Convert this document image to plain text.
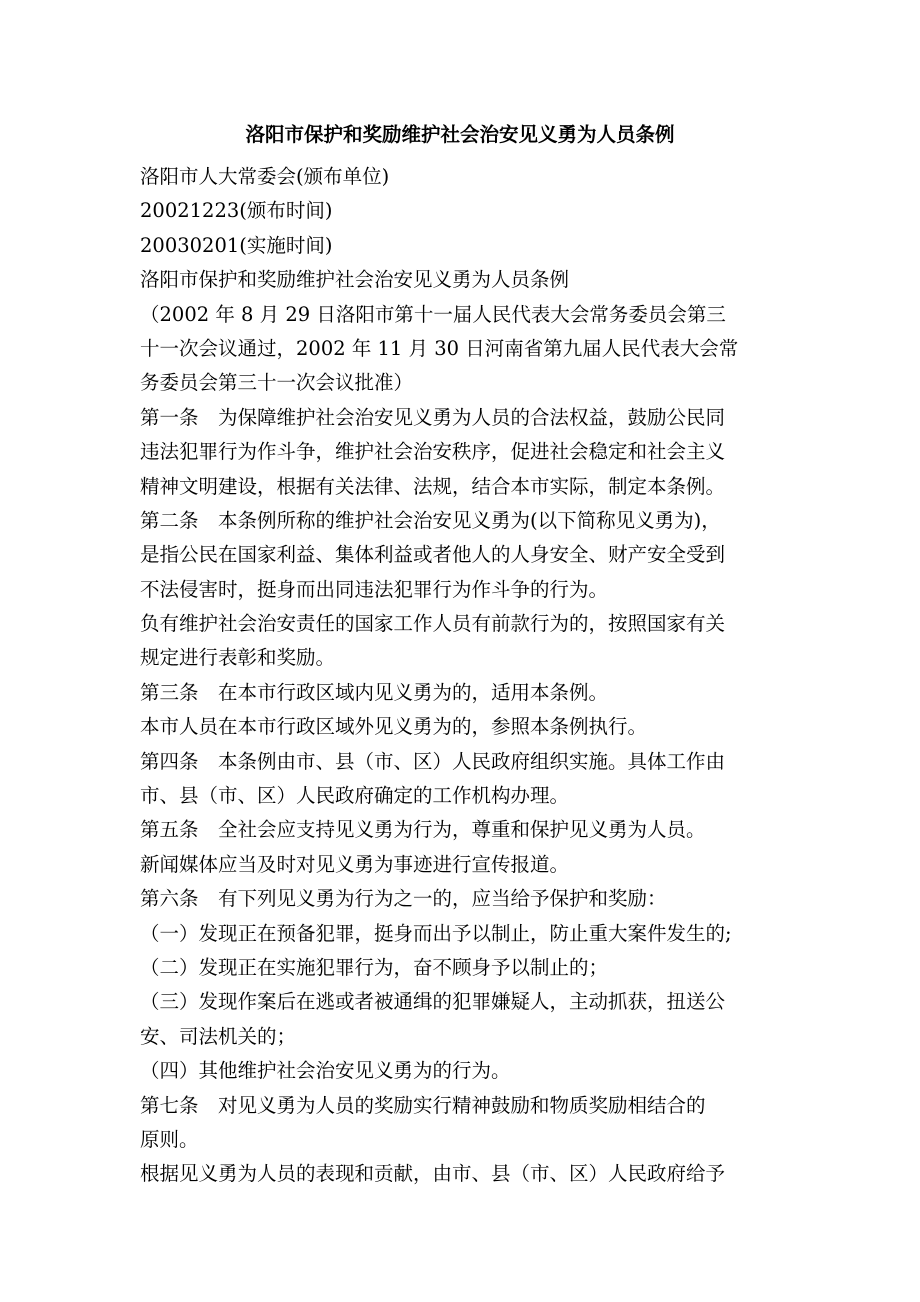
洛阳市保护和奖励维护社会治安见义勇为人员条例
洛阳市人大常委会(颁布单位)
20021223(颁布时间)
20030201(实施时间)
洛阳市保护和奖励维护社会治安见义勇为人员条例
（2002 年 8 月 29 日洛阳市第十一届人民代表大会常务委员会第三
十一次会议通过，2002 年 11 月 30 日河南省第九届人民代表大会常
务委员会第三十一次会议批准）
第一条　为保障维护社会治安见义勇为人员的合法权益，鼓励公民同
违法犯罪行为作斗争，维护社会治安秩序，促进社会稳定和社会主义
精神文明建设，根据有关法律、法规，结合本市实际，制定本条例。
第二条　本条例所称的维护社会治安见义勇为(以下简称见义勇为)，
是指公民在国家利益、集体利益或者他人的人身安全、财产安全受到
不法侵害时，挺身而出同违法犯罪行为作斗争的行为。
负有维护社会治安责任的国家工作人员有前款行为的，按照国家有关
规定进行表彰和奖励。
第三条　在本市行政区域内见义勇为的，适用本条例。
本市人员在本市行政区域外见义勇为的，参照本条例执行。
第四条　本条例由市、县（市、区）人民政府组织实施。具体工作由
市、县（市、区）人民政府确定的工作机构办理。
第五条　全社会应支持见义勇为行为，尊重和保护见义勇为人员。
新闻媒体应当及时对见义勇为事迹进行宣传报道。
第六条　有下列见义勇为行为之一的，应当给予保护和奖励：
（一）发现正在预备犯罪，挺身而出予以制止，防止重大案件发生的;
（二）发现正在实施犯罪行为，奋不顾身予以制止的；
（三）发现作案后在逃或者被通缉的犯罪嫌疑人，主动抓获，扭送公
安、司法机关的；
（四）其他维护社会治安见义勇为的行为。
第七条　对见义勇为人员的奖励实行精神鼓励和物质奖励相结合的
原则。
根据见义勇为人员的表现和贡献，由市、县（市、区）人民政府给予
